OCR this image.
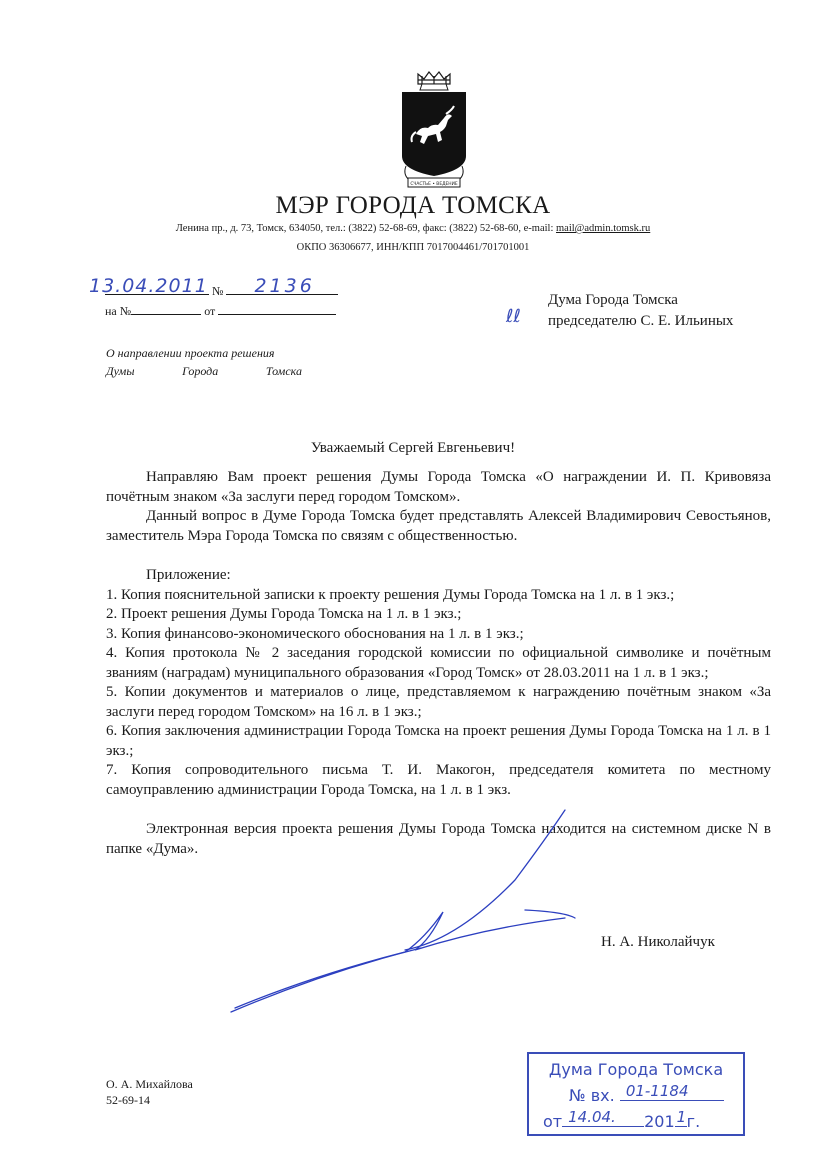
СЧАСТЬЕ • ВЕДЕНИЕ
МЭР ГОРОДА ТОМСКА
Ленина пр., д. 73, Томск, 634050, тел.: (3822) 52-68-69, факс: (3822) 52-68-60, e-mail: mail@admin.tomsk.ru
ОКПО 36306677, ИНН/КПП 7017004461/701701001
13.04.2011 № 2136
на №	от	ℓℓ
Дума Города Томска
председателю С. Е. Ильиных
О направлении проекта решения
Думы	Города	Томска
Уважаемый Сергей Евгеньевич!

Направляю Вам проект решения Думы Города Томска «О награждении И. П. Кривовяза почётным знаком «За заслуги перед городом Томском».

Данный вопрос в Думе Города Томска будет представлять Алексей Владимирович Севостьянов, заместитель Мэра Города Томска по связям с общественностью.

Приложение:

1. Копия пояснительной записки к проекту решения Думы Города Томска на 1 л. в 1 экз.;

2. Проект решения Думы Города Томска на 1 л. в 1 экз.;

3. Копия финансово-экономического обоснования на 1 л. в 1 экз.;

4. Копия протокола № 2 заседания городской комиссии по официальной символике и почётным званиям (наградам) муниципального образования «Город Томск» от 28.03.2011 на 1 л. в 1 экз.;

5. Копии документов и материалов о лице, представляемом к награждению почётным знаком «За заслуги перед городом Томском» на 16 л. в 1 экз.;

6. Копия заключения администрации Города Томска на проект решения Думы Города Томска на 1 л. в 1 экз.;

7. Копия сопроводительного письма Т. И. Макогон, председателя комитета по местному самоуправлению администрации Города Томска, на 1 л. в 1 экз.

Электронная версия проекта решения Думы Города Томска находится на системном диске N в папке «Дума».

Н. А. Николайчук
О. А. Михайлова
52-69-14
Дума Города Томска
№ вх. 01-1184
от 14.04. 201 1 г.
